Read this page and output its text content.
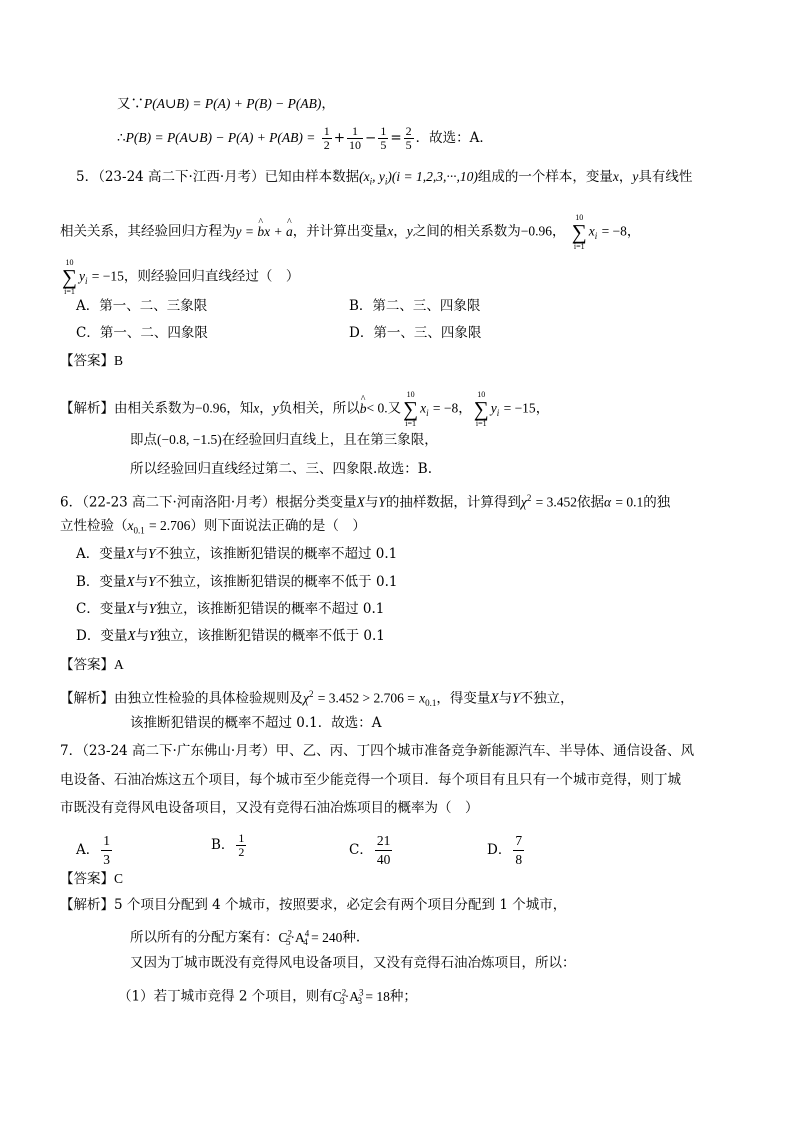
又∵P(A∪B) = P(A) + P(B) − P(AB)，
∴P(B) = P(A∪B) − $P(A) + P(AB) = \frac{1}{2} + \frac{1}{10} - \frac{1}{5} = \frac{2}{5}$ ．故选：A．
5．（23-24 高二下·江西·月考）已知由样本数据($x_i$, $y_i)(i = 1,2,3,\cdot\cdot\cdot,10)$组成的一个样本，变量x，y具有线性
相关关系，其经验回归方程为y = ^ bx + ^ a，并计算出变量x，y之间的相关系数为−0.96，
10
∑
i=1
$x_i = -8$，
10
∑
i=1
$y_i = -15$，则经验回归直线经过（　）
A．第一、二、三象限	B．第二、三、四象限
C．第一、二、四象限	D．第一、三、四象限
【答案】B
【解析】由相关系数为−0.96，知x，y负相关，所以^ b< 0.又
10
∑
i=1
$x_i = -8$，
10
∑
i=1
$y_i = -15$，
即点(−0.8, −1.5)在经验回归直线上，且在第三象限，
所以经验回归直线经过第二、三、四象限.故选：B.
6．（22-23 高二下·河南洛阳·月考）根据分类变量X与Y的抽样数据，计算得到$\chi^2 = 3.452$依据α = 0.1的独
立性检验$(x_{0.1} = 2.706)$则下面说法正确的是（　）
A．变量X与Y不独立，该推断犯错误的概率不超过 0.1
B．变量X与Y不独立，该推断犯错误的概率不低于 0.1
C．变量X与Y独立，该推断犯错误的概率不超过 0.1
D．变量X与Y独立，该推断犯错误的概率不低于 0.1
【答案】A
【解析】由独立性检验的具体检验规则及$\chi^2 = 3.452 > 2.706 = x_{0.1}$，得变量X与Y不独立，
该推断犯错误的概率不超过 0.1．故选：A
7．（23-24 高二下·广东佛山·月考）甲、乙、丙、丁四个城市准备竞争新能源汽车、半导体、通信设备、风
电设备、石油冶炼这五个项目，每个城市至少能竞得一个项目．每个项目有且只有一个城市竞得，则丁城
市既没有竞得风电设备项目，又没有竞得石油冶炼项目的概率为（　）
A． $\frac{1}{3}$	B． $\frac{1}{2}$	C． $\frac{21}{40}$	D． $\frac{7}{8}$
【答案】C
【解析】5 个项目分配到 4 个城市，按照要求，必定会有两个项目分配到 1 个城市，
所以所有的分配方案有：$C^2_5\cdot A^4_4 = 240$种.
又因为丁城市既没有竞得风电设备项目，又没有竞得石油冶炼项目，所以：
（1）若丁城市竞得 2 个项目，则有$C^2_3\cdot A^3_3 = 18$种；
